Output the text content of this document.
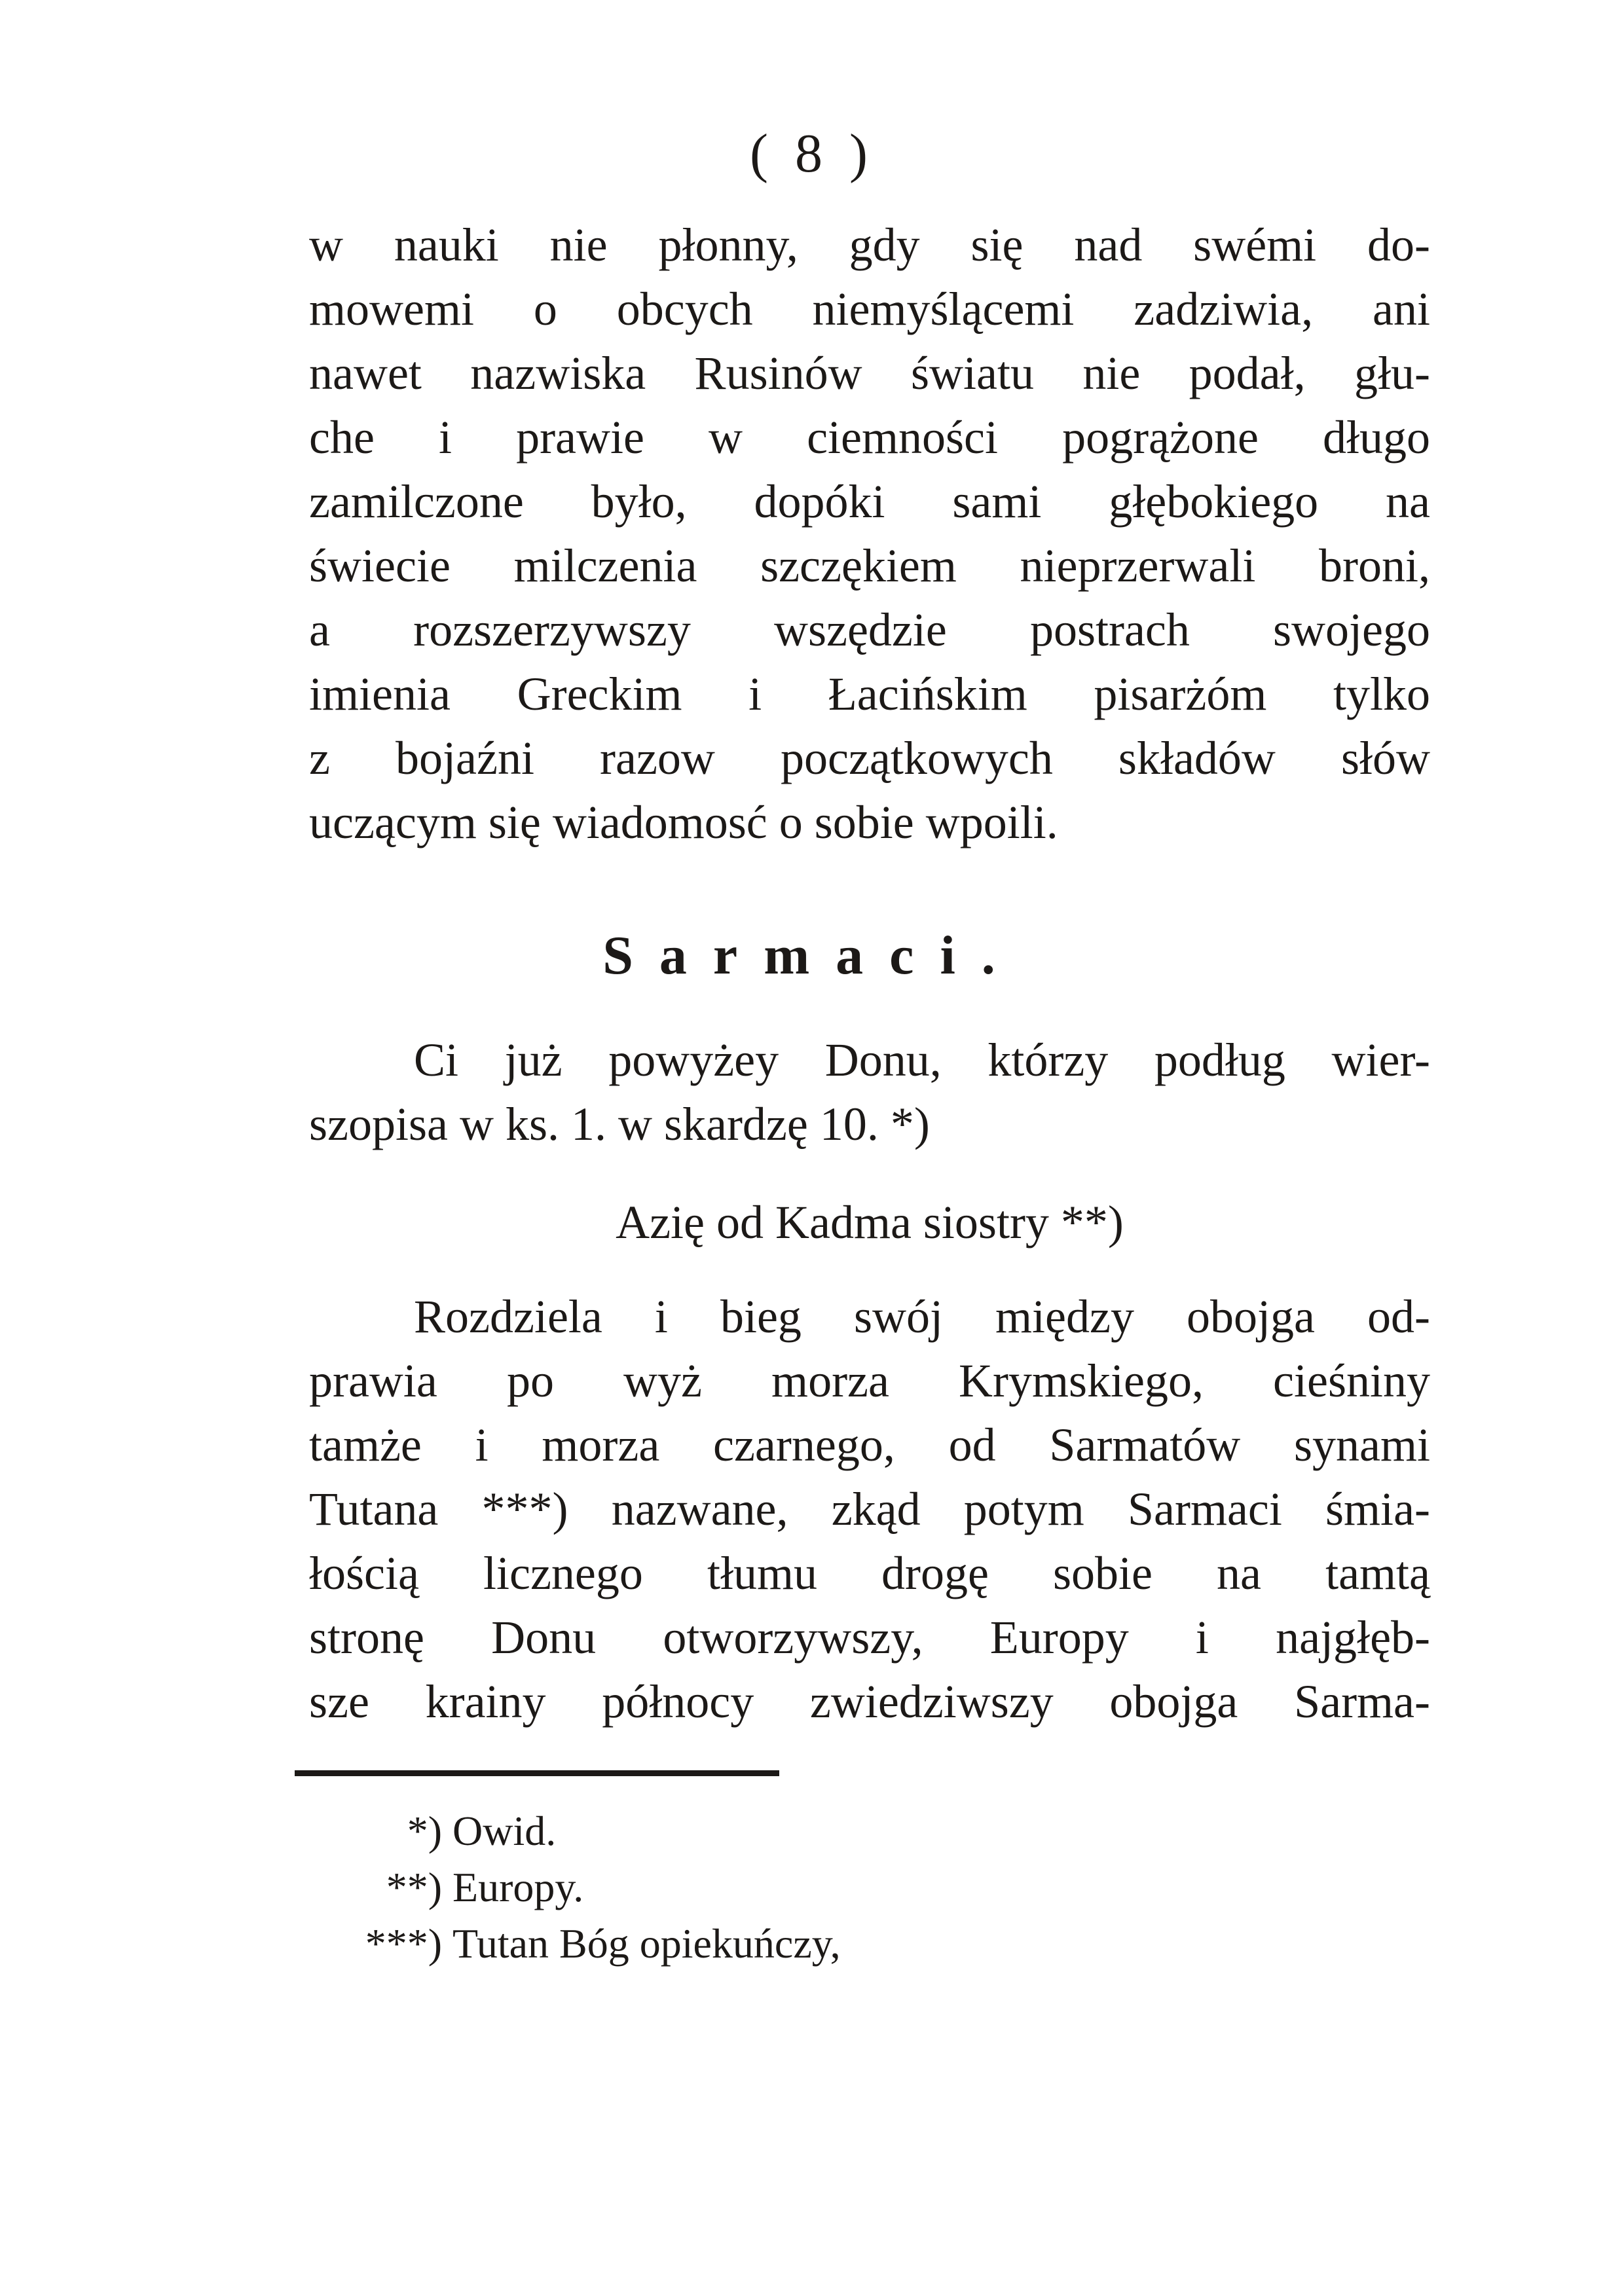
( 8 )
w nauki nie płonny, gdy się nad swémi do-
mowemi o obcych niemyślącemi zadziwia, ani
nawet nazwiska Rusinów światu nie podał, głu-
che i prawie w ciemności pogrążone długo
zamilczone było, dopóki sami głębokiego na
świecie milczenia szczękiem nieprzerwali broni,
a rozszerzywszy wszędzie postrach swojego
imienia Greckim i Łacińskim pisarżóm tylko
z bojaźni razow początkowych składów słów
uczącym się wiadomosć o sobie wpoili.
Sarmaci.
Ci już powyżey Donu, którzy podług wier-
szopisa w ks. 1. w skardzę 10. *)
Azię od Kadma siostry **)
Rozdziela i bieg swój między obojga od-
prawia po wyż morza Krymskiego, cieśniny
tamże i morza czarnego, od Sarmatów synami
Tutana ***) nazwane, zkąd potym Sarmaci śmia-
łością licznego tłumu drogę sobie na tamtą
stronę Donu otworzywszy, Europy i najgłęb-
sze krainy północy zwiedziwszy obojga Sarma-
*) Owid.
**) Europy.
***) Tutan Bóg opiekuńczy,
